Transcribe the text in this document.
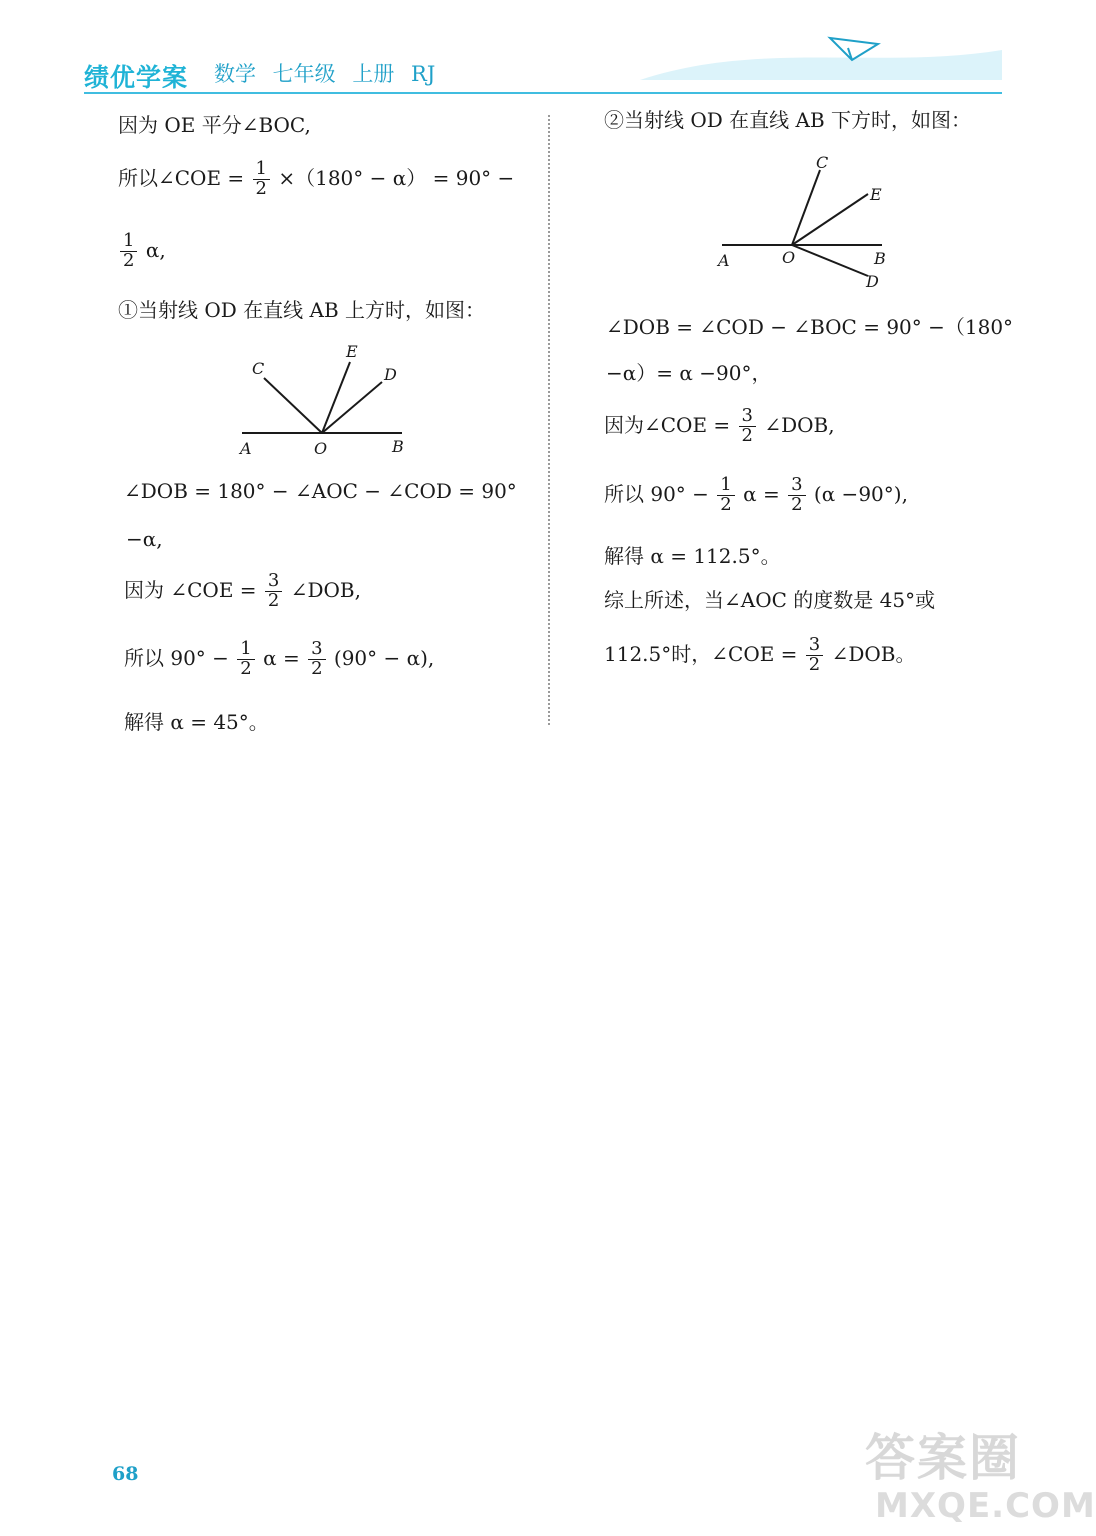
绩优学案 数学 七年级 上册 RJ
因为 OE 平分∠BOC,
所以∠COE = $\frac{1}{2} \times(180^\circ - \alpha) = 90^\circ$ −
$\frac{1}{2} \alpha$,
①当射线 OD 在直线 AB 上方时，如图：
C
E
D
A	O	B
∠DOB = 180° − ∠AOC − ∠COD = 90°
−α,
因为 ∠COE = $\frac{3}{2}$ ∠DOB,
所以 $90^\circ - \frac{1}{2}$ $\alpha = \frac{3}{2} (90^\circ - \alpha)$,
解得 α = 45°。
②当射线 OD 在直线 AB 下方时，如图：
C
E
A	O	B
D
∠DOB = ∠COD − ∠BOC = 90° −（180°
−α）= α −90°，
因为∠COE = $\frac{3}{2}$ ∠DOB,
所以 $90^\circ - \frac{1}{2}$ $\alpha = \frac{3}{2} (\alpha -90^\circ)$,
解得 α = 112.5°。
综上所述，当∠AOC 的度数是 45°或
112.5°时，∠COE = $\frac{3}{2}$ ∠DOB。
68	答案圈
MXQE.COM
